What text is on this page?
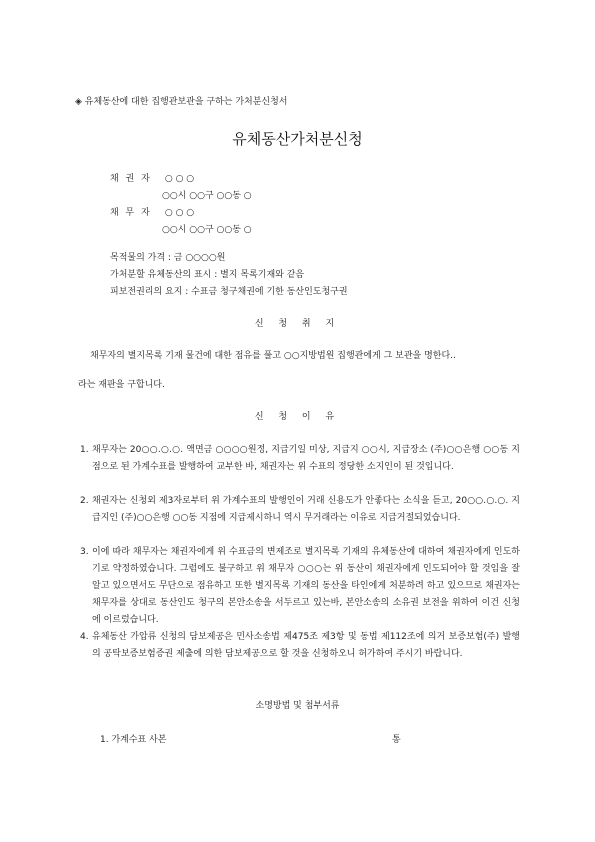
◈ 유체동산에 대한 집행관보관을 구하는 가처분신청서
유체동산가처분신청
채 권 자 ○ ○ ○
○○시 ○○구 ○○동 ○
채 무 자 ○ ○ ○
○○시 ○○구 ○○동 ○
목적물의 가격 : 금 ○○○○원
가처분할 유체동산의 표시 : 별지 목록기재와 같음
피보전권리의 요지 : 수표금 청구채권에 기한 동산인도청구권
신 청 취 지
채무자의 별지목록 기재 물건에 대한 점유를 풀고 ○○지방법원 집행관에게 그 보관을 명한다..
라는 재판을 구합니다.
신 청 이 유
1. 채무자는 20○○.○.○. 액면금 ○○○○원정, 지급기일 미상, 지급지 ○○시, 지급장소 (주)○○은행 ○○동 지점으로 된 가계수표를 발행하여 교부한 바, 채권자는 위 수표의 정당한 소지인이 된 것입니다.
2. 채권자는 신청외 제3자로부터 위 가계수표의 발행인이 거래 신용도가 안좋다는 소식을 듣고, 20○○.○.○. 지급지인 (주)○○은행 ○○동 지점에 지급제시하니 역시 무거래라는 이유로 지급거절되었습니다.
3. 이에 따라 채무자는 채권자에게 위 수표금의 변제조로 별지목록 기재의 유체동산에 대하여 채권자에게 인도하기로 약정하였습니다. 그럼에도 불구하고 위 채무자 ○○○는 위 동산이 채권자에게 인도되어야 할 것임을 잘 알고 있으면서도 무단으로 점유하고 또한 별지목록 기재의 동산을 타인에게 처분하려 하고 있으므로 채권자는 채무자를 상대로 동산인도 청구의 본안소송을 서두르고 있는바, 본안소송의 소유권 보전을 위하여 이건 신청에 이르렀습니다.
4. 유체동산 가압류 신청의 담보제공은 민사소송법 제475조 제3항 및 동법 제112조에 의거 보증보험(주) 발행의 공탁보증보험증권 제출에 의한 담보제공으로 할 것을 신청하오니 허가하여 주시기 바랍니다.
소명방법 및 첨부서류
1. 가계수표 사본	통
